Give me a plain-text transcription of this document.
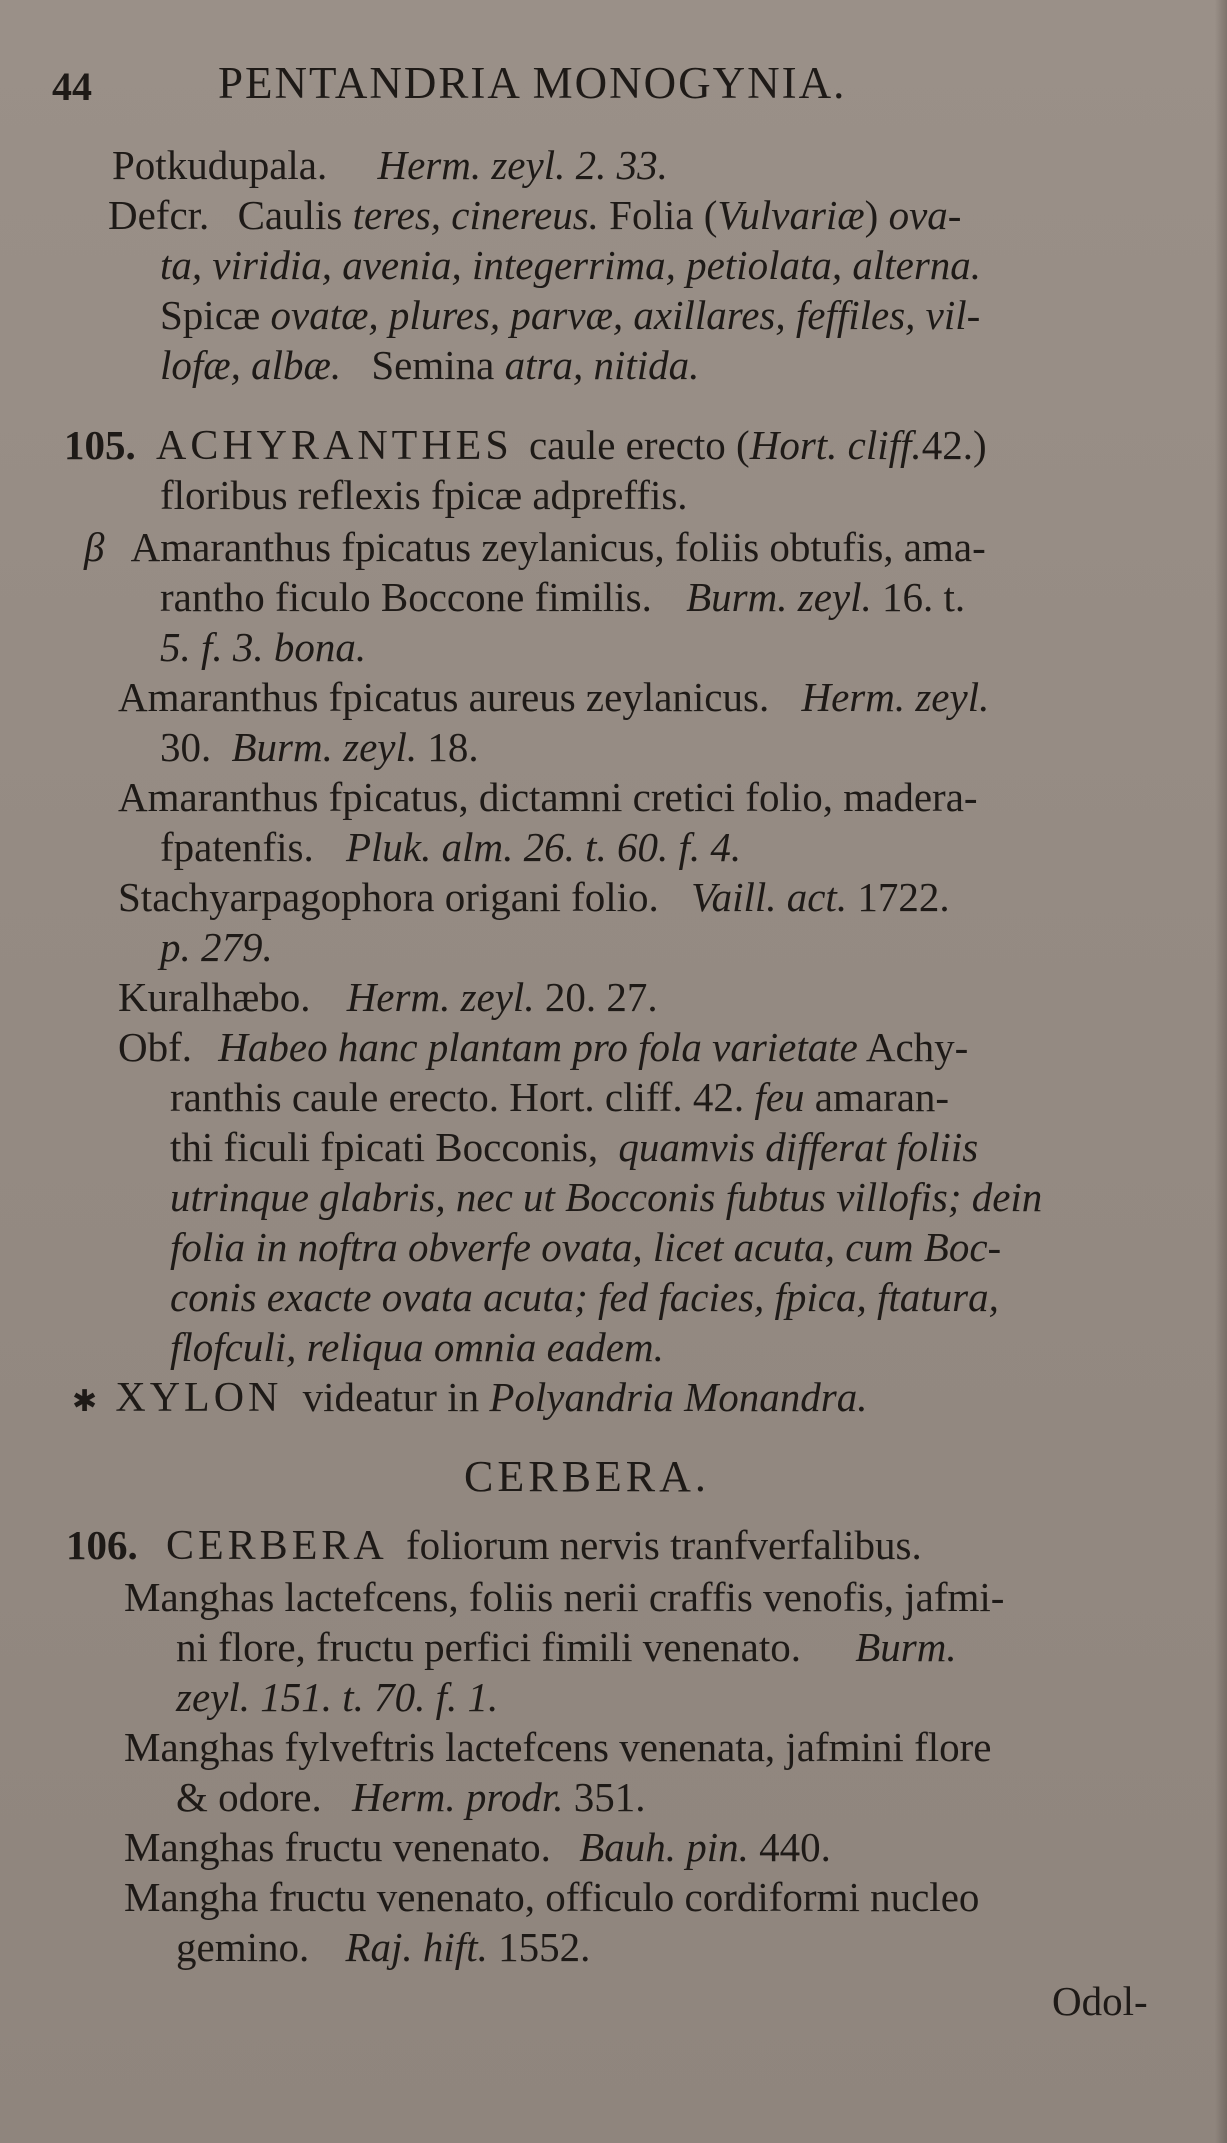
44	PENTANDRIA MONOGYNIA.
Potkudupala. Herm. zeyl. 2. 33.
Defcr. Caulis teres, cinereus. Folia (Vulvariæ) ova-
ta, viridia, avenia, integerrima, petiolata, alterna.
Spicæ ovatæ, plures, parvæ, axillares, feffiles, vil-
lofæ, albæ. Semina atra, nitida.
105. ACHYRANTHES caule erecto (Hort. cliff.42.)
floribus reflexis fpicæ adpreffis.
β Amaranthus fpicatus zeylanicus, foliis obtufis, ama-
rantho ficulo Boccone fimilis. Burm. zeyl. 16. t.
5. f. 3. bona.
Amaranthus fpicatus aureus zeylanicus. Herm. zeyl.
30. Burm. zeyl. 18.
Amaranthus fpicatus, dictamni cretici folio, madera-
fpatenfis. Pluk. alm. 26. t. 60. f. 4.
Stachyarpagophora origani folio. Vaill. act. 1722.
p. 279.
Kuralhæbo. Herm. zeyl. 20. 27.
Obf. Habeo hanc plantam pro fola varietate Achy-
ranthis caule erecto. Hort. cliff. 42. feu amaran-
thi ficuli fpicati Bocconis, quamvis differat foliis
utrinque glabris, nec ut Bocconis fubtus villofis; dein
folia in noftra obverfe ovata, licet acuta, cum Boc-
conis exacte ovata acuta; fed facies, fpica, ftatura,
flofculi, reliqua omnia eadem.
✱ XYLON videatur in Polyandria Monandra.
CERBERA.
106. CERBERA foliorum nervis tranfverfalibus.
Manghas lactefcens, foliis nerii craffis venofis, jafmi-
ni flore, fructu perfici fimili venenato. Burm.
zeyl. 151. t. 70. f. 1.
Manghas fylveftris lactefcens venenata, jafmini flore
& odore. Herm. prodr. 351.
Manghas fructu venenato. Bauh. pin. 440.
Mangha fructu venenato, officulo cordiformi nucleo
gemino. Raj. hift. 1552.
Odol-
